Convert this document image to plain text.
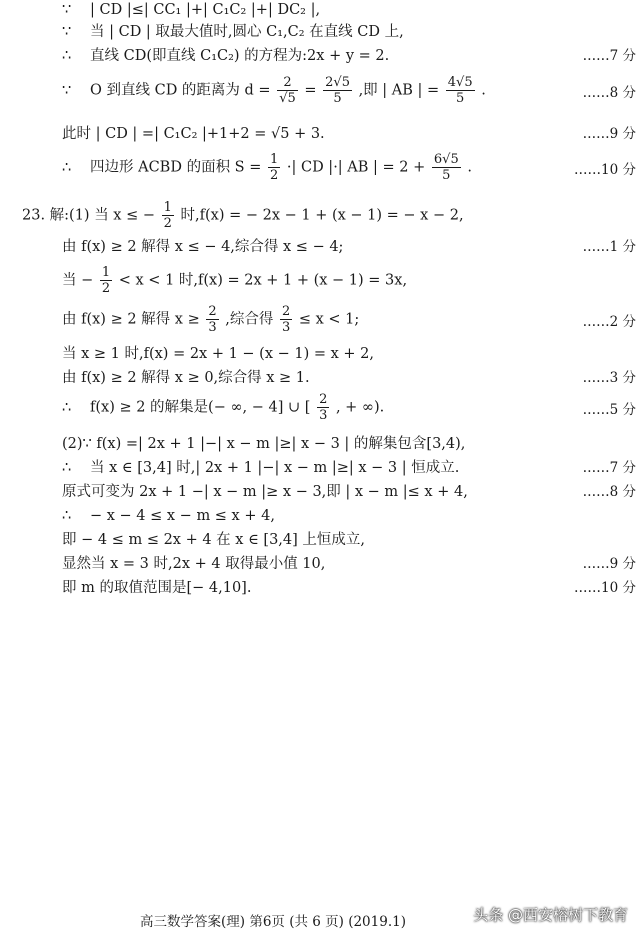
∵ | CD |≤| CC₁ |+| C₁C₂ |+| DC₂ |,
∵ 当 | CD | 取最大值时,圆心 C₁,C₂ 在直线 CD 上,
∴ 直线 CD(即直线 C₁C₂) 的方程为:2x + y = 2.	……7 分
∵ O 到直线 CD 的距离为 $d = \frac{2}{√5} = \frac{2√5}{5}$ ,即 | AB | = $\frac{4√5}{5}$ .	……8 分
此时 | CD | =| C₁C₂ |+1+2 = √5 + 3.	……9 分
∴ 四边形 ACBD 的面积 $S = \frac{1}{2}$ ·| CD |·| AB | = $2 + \frac{6√5}{5}$ .	……10 分
23. 解:(1) 当 x ≤ − $\frac{1}{2}$ 时,f(x) = − 2x − 1 + (x − 1) = − x − 2,
由 f(x) ≥ 2 解得 x ≤ − 4,综合得 x ≤ − 4;	……1 分
当 − $\frac{1}{2} < x < 1$ 时,f(x) = 2x + 1 + (x − 1) = 3x,
由 f(x) ≥ 2 解得 $x \ge \frac{2}{3}$ ,综合得 $\frac{2}{3} \le x < 1$;	……2 分
当 x ≥ 1 时,f(x) = 2x + 1 − (x − 1) = x + 2,
由 f(x) ≥ 2 解得 x ≥ 0,综合得 x ≥ 1.	……3 分
∴ f(x) ≥ 2 的解集是(− ∞, − 4] ∪ [ $\frac{2}{3}$ , + ∞).	……5 分
(2)∵ f(x) =| 2x + 1 |−| x − m |≥| x − 3 | 的解集包含[3,4),
∴ 当 x ∈ [3,4] 时,| 2x + 1 |−| x − m |≥| x − 3 | 恒成立.	……7 分
原式可变为 2x + 1 −| x − m |≥ x − 3,即 | x − m |≤ x + 4,	……8 分
∴ − x − 4 ≤ x − m ≤ x + 4,
即 − 4 ≤ m ≤ 2x + 4 在 x ∈ [3,4] 上恒成立,
显然当 x = 3 时,2x + 4 取得最小值 10,	……9 分
即 m 的取值范围是[− 4,10].	……10 分
高三数学答案(理) 第6页 (共 6 页) (2019.1)	头条 @西安榕树下教育
